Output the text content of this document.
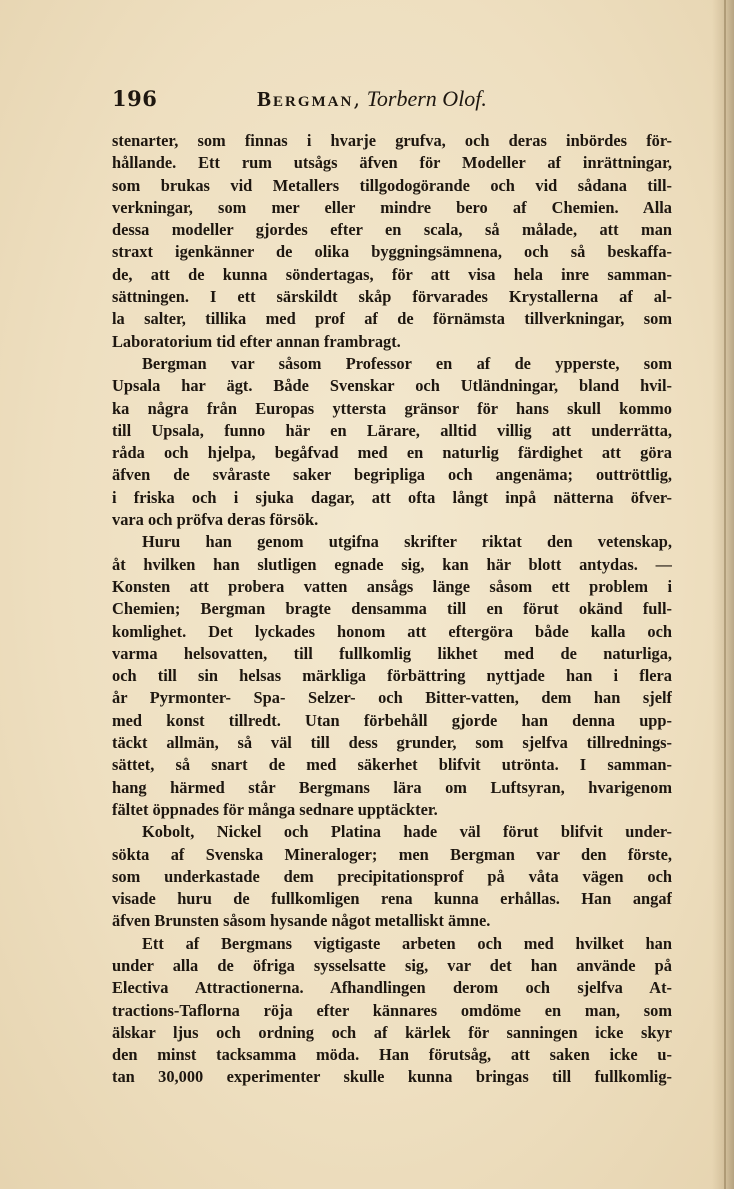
196	Bergman, Torbern Olof.
stenarter, som finnas i hvarje grufva, och deras inbördes för-
hållande. Ett rum utsågs äfven för Modeller af inrättningar,
som brukas vid Metallers tillgodogörande och vid sådana till-
verkningar, som mer eller mindre bero af Chemien. Alla
dessa modeller gjordes efter en scala, så målade, att man
straxt igenkänner de olika byggningsämnena, och så beskaffa-
de, att de kunna söndertagas, för att visa hela inre samman-
sättningen. I ett särskildt skåp förvarades Krystallerna af al-
la salter, tillika med prof af de förnämsta tillverkningar, som
Laboratorium tid efter annan frambragt.
Bergman var såsom Professor en af de ypperste, som
Upsala har ägt. Både Svenskar och Utländningar, bland hvil-
ka några från Europas yttersta gränsor för hans skull kommo
till Upsala, funno här en Lärare, alltid villig att underrätta,
råda och hjelpa, begåfvad med en naturlig färdighet att göra
äfven de svåraste saker begripliga och angenäma; outtröttlig,
i friska och i sjuka dagar, att ofta långt inpå nätterna öfver-
vara och pröfva deras försök.
Huru han genom utgifna skrifter riktat den vetenskap,
åt hvilken han slutligen egnade sig, kan här blott antydas. —
Konsten att probera vatten ansågs länge såsom ett problem i
Chemien; Bergman bragte densamma till en förut okänd full-
komlighet. Det lyckades honom att eftergöra både kalla och
varma helsovatten, till fullkomlig likhet med de naturliga,
och till sin helsas märkliga förbättring nyttjade han i flera
år Pyrmonter- Spa- Selzer- och Bitter-vatten, dem han sjelf
med konst tillredt. Utan förbehåll gjorde han denna upp-
täckt allmän, så väl till dess grunder, som sjelfva tillrednings-
sättet, så snart de med säkerhet blifvit utrönta. I samman-
hang härmed står Bergmans lära om Luftsyran, hvarigenom
fältet öppnades för många sednare upptäckter.
Kobolt, Nickel och Platina hade väl förut blifvit under-
sökta af Svenska Mineraloger; men Bergman var den förste,
som underkastade dem precipitationsprof på våta vägen och
visade huru de fullkomligen rena kunna erhållas. Han angaf
äfven Brunsten såsom hysande något metalliskt ämne.
Ett af Bergmans vigtigaste arbeten och med hvilket han
under alla de öfriga sysselsatte sig, var det han använde på
Electiva Attractionerna. Afhandlingen derom och sjelfva At-
tractions-Taflorna röja efter kännares omdöme en man, som
älskar ljus och ordning och af kärlek för sanningen icke skyr
den minst tacksamma möda. Han förutsåg, att saken icke u-
tan 30,000 experimenter skulle kunna bringas till fullkomlig-
